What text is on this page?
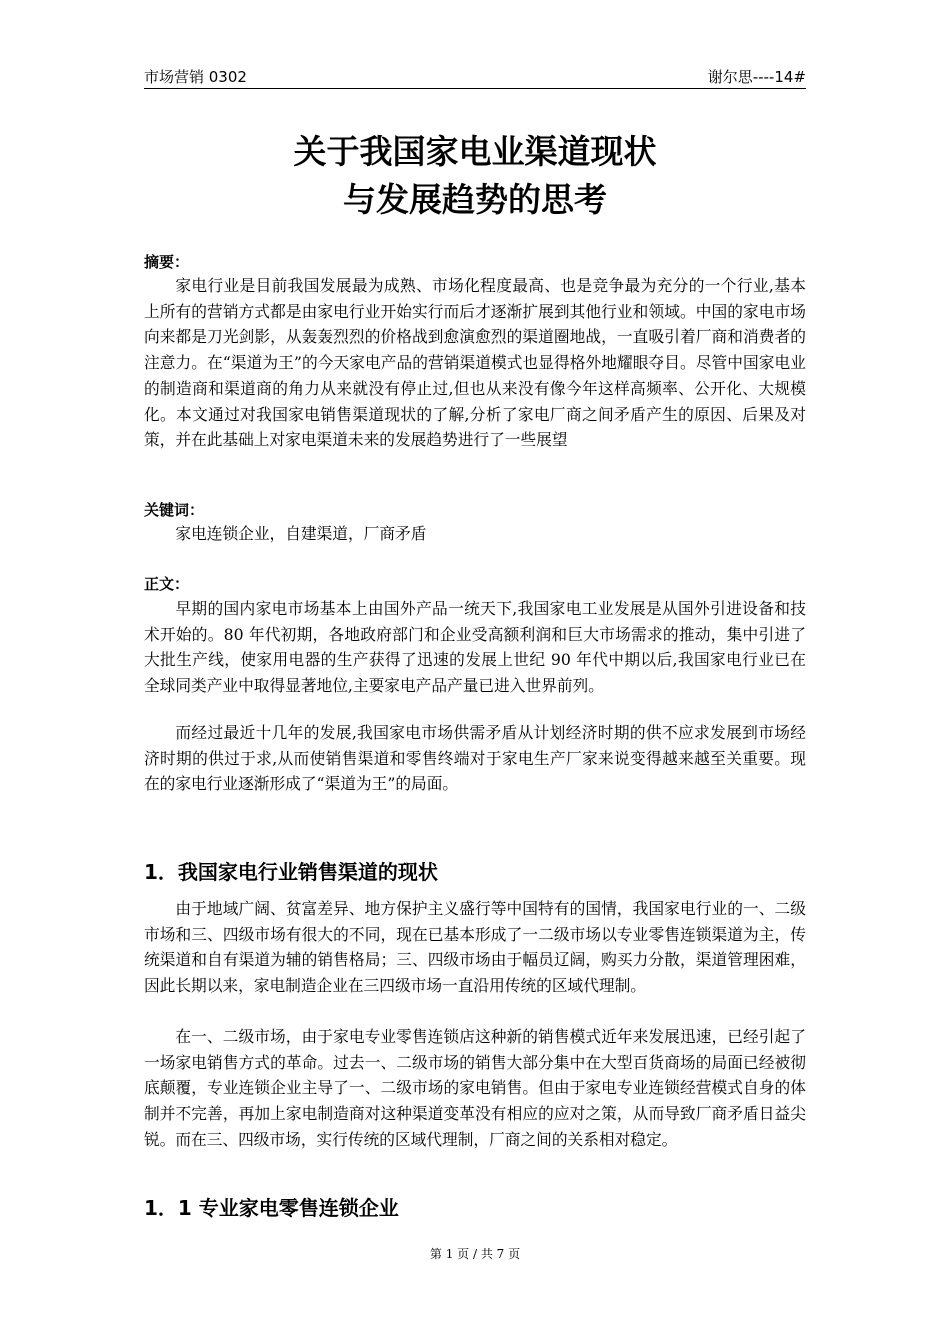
市场营销 0302	谢尔思----14#
关于我国家电业渠道现状
与发展趋势的思考
摘要：
家电行业是目前我国发展最为成熟、市场化程度最高、也是竞争最为充分的一个行业,基本上所有的营销方式都是由家电行业开始实行而后才逐渐扩展到其他行业和领域。中国的家电市场向来都是刀光剑影，从轰轰烈烈的价格战到愈演愈烈的渠道圈地战，一直吸引着厂商和消费者的注意力。在“渠道为王”的今天家电产品的营销渠道模式也显得格外地耀眼夺目。尽管中国家电业的制造商和渠道商的角力从来就没有停止过,但也从来没有像今年这样高频率、公开化、大规模化。本文通过对我国家电销售渠道现状的了解,分析了家电厂商之间矛盾产生的原因、后果及对策，并在此基础上对家电渠道未来的发展趋势进行了一些展望
关键词：
家电连锁企业，自建渠道，厂商矛盾
正文：
早期的国内家电市场基本上由国外产品一统天下,我国家电工业发展是从国外引进设备和技术开始的。80 年代初期，各地政府部门和企业受高额利润和巨大市场需求的推动，集中引进了大批生产线，使家用电器的生产获得了迅速的发展上世纪 90 年代中期以后,我国家电行业已在全球同类产业中取得显著地位,主要家电产品产量已进入世界前列。
而经过最近十几年的发展,我国家电市场供需矛盾从计划经济时期的供不应求发展到市场经济时期的供过于求,从而使销售渠道和零售终端对于家电生产厂家来说变得越来越至关重要。现在的家电行业逐渐形成了“渠道为王”的局面。
1．我国家电行业销售渠道的现状
由于地域广阔、贫富差异、地方保护主义盛行等中国特有的国情，我国家电行业的一、二级市场和三、四级市场有很大的不同，现在已基本形成了一二级市场以专业零售连锁渠道为主，传统渠道和自有渠道为辅的销售格局；三、四级市场由于幅员辽阔，购买力分散，渠道管理困难，因此长期以来，家电制造企业在三四级市场一直沿用传统的区域代理制。
在一、二级市场，由于家电专业零售连锁店这种新的销售模式近年来发展迅速，已经引起了一场家电销售方式的革命。过去一、二级市场的销售大部分集中在大型百货商场的局面已经被彻底颠覆，专业连锁企业主导了一、二级市场的家电销售。但由于家电专业连锁经营模式自身的体制并不完善，再加上家电制造商对这种渠道变革没有相应的应对之策，从而导致厂商矛盾日益尖锐。而在三、四级市场，实行传统的区域代理制，厂商之间的关系相对稳定。
1．1 专业家电零售连锁企业
第 1 页 / 共 7 页
